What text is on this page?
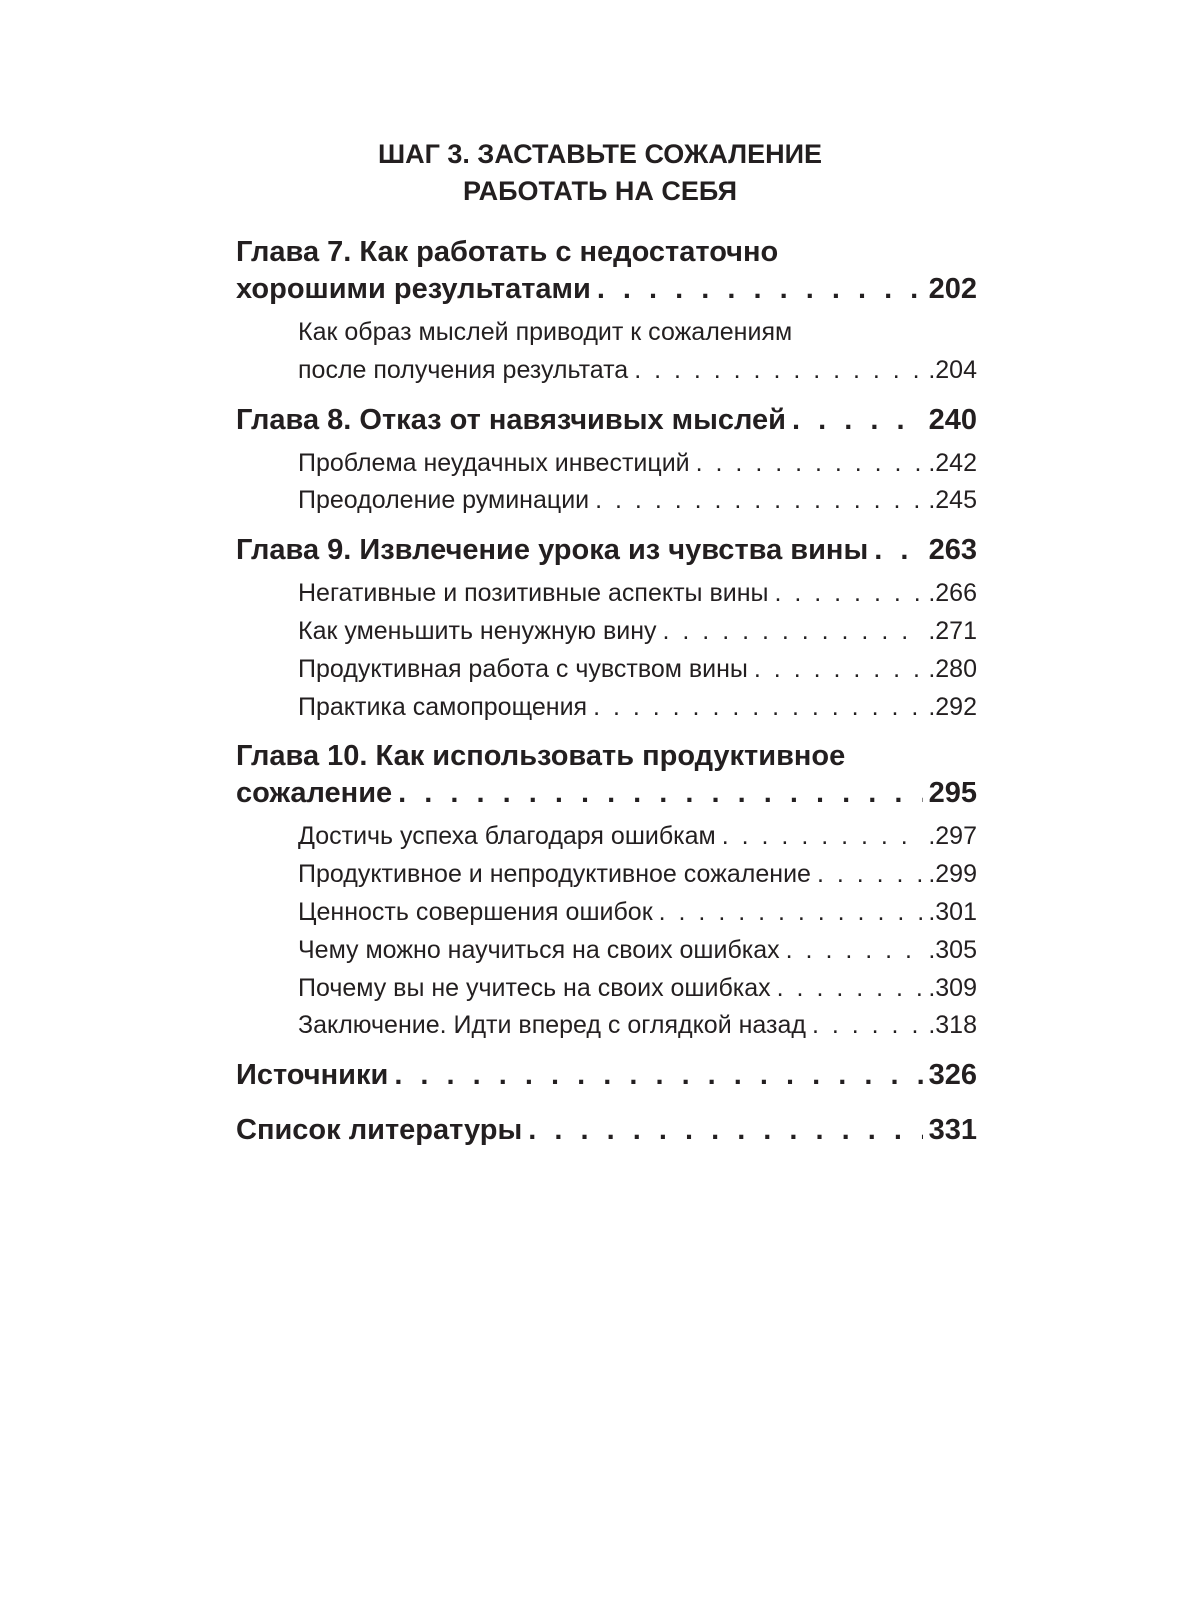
ШАГ 3. ЗАСТАВЬТЕ СОЖАЛЕНИЕ
РАБОТАТЬ НА СЕБЯ
Глава 7. Как работать с недостаточно
хорошими результатами . . .	202
Как образ мыслей приводит к сожалениям
после получения результата . . .	.204
Глава 8. Отказ от навязчивых мыслей . . .	240
Проблема неудачных инвестиций . . .	.242
Преодоление руминации . . .	.245
Глава 9. Извлечение урока из чувства вины . . . 263
Негативные и позитивные аспекты вины . . .	.266
Как уменьшить ненужную вину . . .	.271
Продуктивная работа с чувством вины . . .	.280
Практика самопрощения . . .	.292
Глава 10. Как использовать продуктивное
сожаление . . .	295
Достичь успеха благодаря ошибкам . . .	.297
Продуктивное и непродуктивное сожаление . . .	.299
Ценность совершения ошибок . . .	.301
Чему можно научиться на своих ошибках . . .	.305
Почему вы не учитесь на своих ошибках . . .	.309
Заключение. Идти вперед с оглядкой назад . . .	.318
Источники . . .	326
Список литературы . . .	331
